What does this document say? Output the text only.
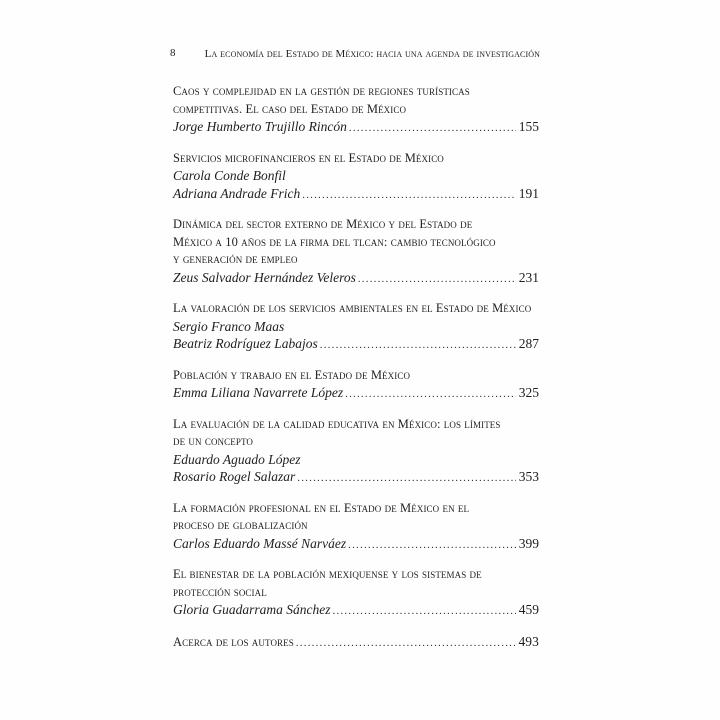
8	La economía del Estado de México: hacia una agenda de investigación
Caos y complejidad en la gestión de regiones turísticas
competitivas. El caso del Estado de México
Jorge Humberto Trujillo Rincón .....	155
Servicios microfinancieros en el Estado de México
Carola Conde Bonfil
Adriana Andrade Frich .....	191
Dinámica del sector externo de México y del Estado de
México a 10 años de la firma del tlcan: cambio tecnológico
y generación de empleo
Zeus Salvador Hernández Veleros .....	231
La valoración de los servicios ambientales en el Estado de México
Sergio Franco Maas
Beatriz Rodríguez Labajos .....	287
Población y trabajo en el Estado de México
Emma Liliana Navarrete López .....	325
La evaluación de la calidad educativa en México: los límites
de un concepto
Eduardo Aguado López
Rosario Rogel Salazar .....	353
La formación profesional en el Estado de México en el
proceso de globalización
Carlos Eduardo Massé Narváez .....	399
El bienestar de la población mexiquense y los sistemas de
protección social
Gloria Guadarrama Sánchez .....	459
Acerca de los autores .....	493
